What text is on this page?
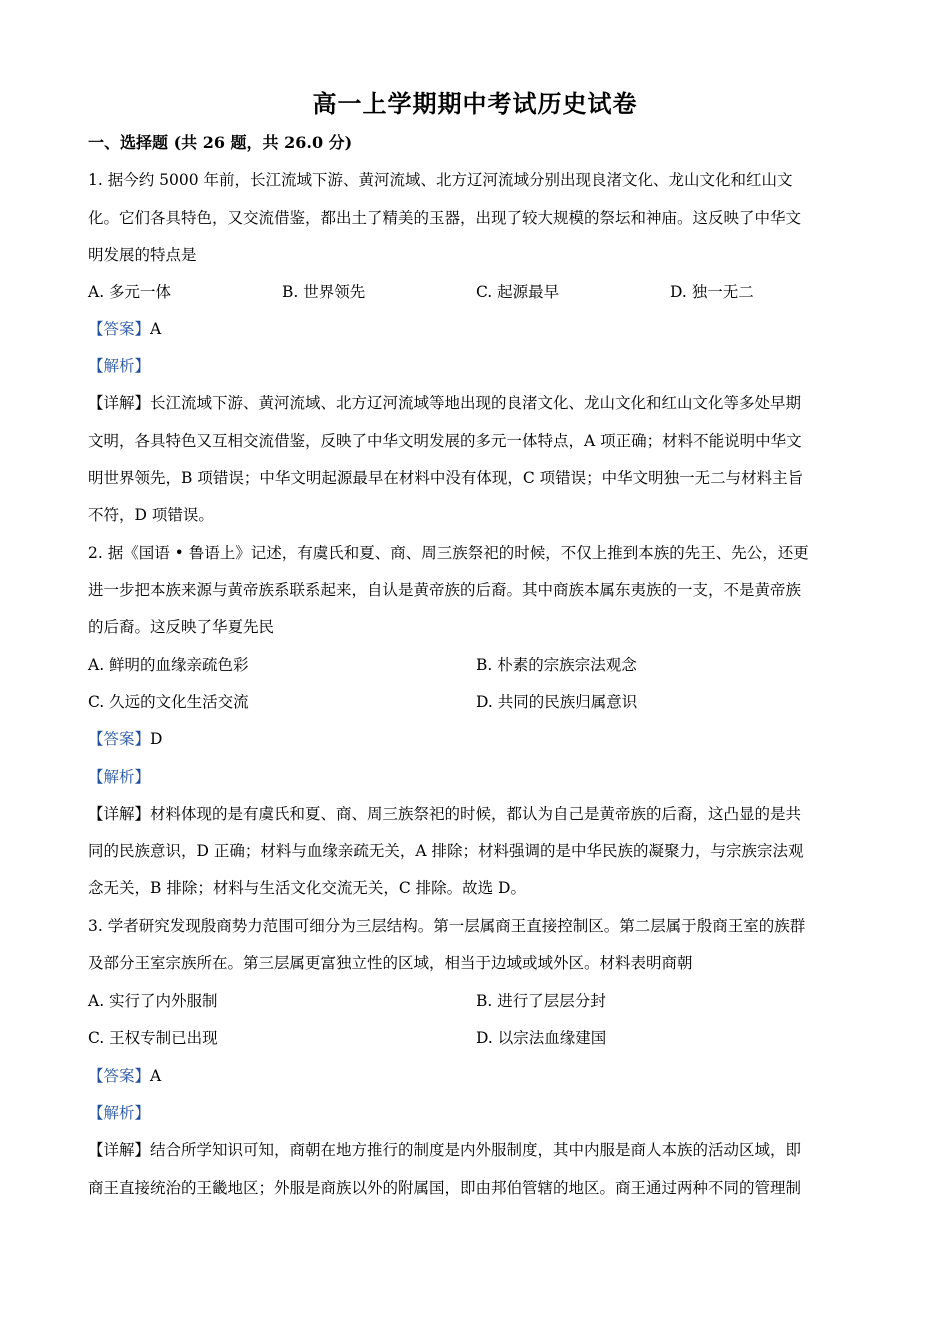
高一上学期期中考试历史试卷
一、选择题 (共 26 题，共 26.0 分)
1. 据今约 5000 年前，长江流域下游、黄河流域、北方辽河流域分别出现良渚文化、龙山文化和红山文
化。它们各具特色，又交流借鉴，都出土了精美的玉器，出现了较大规模的祭坛和神庙。这反映了中华文
明发展的特点是
A. 多元一体	B. 世界领先	C. 起源最早	D. 独一无二
【答案】A
【解析】
【详解】长江流域下游、黄河流域、北方辽河流域等地出现的良渚文化、龙山文化和红山文化等多处早期
文明，各具特色又互相交流借鉴，反映了中华文明发展的多元一体特点，A 项正确；材料不能说明中华文
明世界领先，B 项错误；中华文明起源最早在材料中没有体现，C 项错误；中华文明独一无二与材料主旨
不符，D 项错误。
2. 据《国语 • 鲁语上》记述，有虞氏和夏、商、周三族祭祀的时候，不仅上推到本族的先王、先公，还更
进一步把本族来源与黄帝族系联系起来，自认是黄帝族的后裔。其中商族本属东夷族的一支，不是黄帝族
的后裔。这反映了华夏先民
A. 鲜明的血缘亲疏色彩	B. 朴素的宗族宗法观念
C. 久远的文化生活交流	D. 共同的民族归属意识
【答案】D
【解析】
【详解】材料体现的是有虞氏和夏、商、周三族祭祀的时候，都认为自己是黄帝族的后裔，这凸显的是共
同的民族意识，D 正确；材料与血缘亲疏无关，A 排除；材料强调的是中华民族的凝聚力，与宗族宗法观
念无关，B 排除；材料与生活文化交流无关，C 排除。故选 D。
3. 学者研究发现殷商势力范围可细分为三层结构。第一层属商王直接控制区。第二层属于殷商王室的族群
及部分王室宗族所在。第三层属更富独立性的区域，相当于边域或域外区。材料表明商朝
A. 实行了内外服制	B. 进行了层层分封
C. 王权专制已出现	D. 以宗法血缘建国
【答案】A
【解析】
【详解】结合所学知识可知，商朝在地方推行的制度是内外服制度，其中内服是商人本族的活动区域，即
商王直接统治的王畿地区；外服是商族以外的附属国，即由邦伯管辖的地区。商王通过两种不同的管理制
